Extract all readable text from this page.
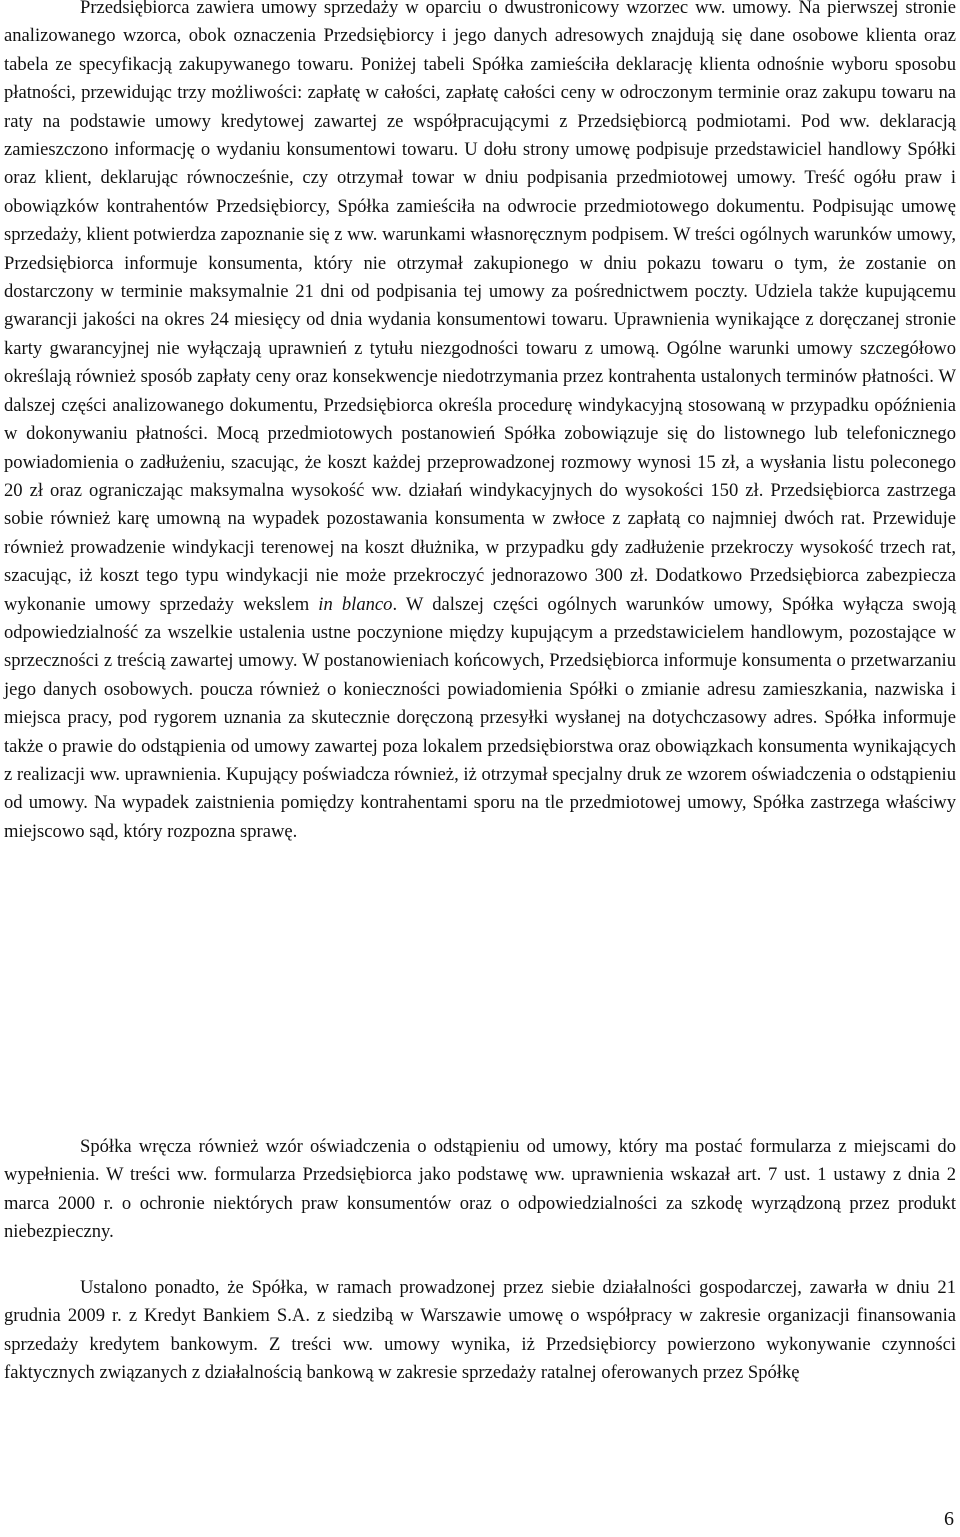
Przedsiębiorca zawiera umowy sprzedaży w oparciu o dwustronicowy wzorzec ww. umowy. Na pierwszej stronie analizowanego wzorca, obok oznaczenia Przedsiębiorcy i jego danych adresowych znajdują się dane osobowe klienta oraz tabela ze specyfikacją zakupywanego towaru. Poniżej tabeli Spółka zamieściła deklarację klienta odnośnie wyboru sposobu płatności, przewidując trzy możliwości: zapłatę w całości, zapłatę całości ceny w odroczonym terminie oraz zakupu towaru na raty na podstawie umowy kredytowej zawartej ze współpracującymi z Przedsiębiorcą podmiotami. Pod ww. deklaracją zamieszczono informację o wydaniu konsumentowi towaru. U dołu strony umowę podpisuje przedstawiciel handlowy Spółki oraz klient, deklarując równocześnie, czy otrzymał towar w dniu podpisania przedmiotowej umowy. Treść ogółu praw i obowiązków kontrahentów Przedsiębiorcy, Spółka zamieściła na odwrocie przedmiotowego dokumentu. Podpisując umowę sprzedaży, klient potwierdza zapoznanie się z ww. warunkami własnoręcznym podpisem. W treści ogólnych warunków umowy, Przedsiębiorca informuje konsumenta, który nie otrzymał zakupionego w dniu pokazu towaru o tym, że zostanie on dostarczony w terminie maksymalnie 21 dni od podpisania tej umowy za pośrednictwem poczty. Udziela także kupującemu gwarancji jakości na okres 24 miesięcy od dnia wydania konsumentowi towaru. Uprawnienia wynikające z doręczanej stronie karty gwarancyjnej nie wyłączają uprawnień z tytułu niezgodności towaru z umową. Ogólne warunki umowy szczegółowo określają również sposób zapłaty ceny oraz konsekwencje niedotrzymania przez kontrahenta ustalonych terminów płatności. W dalszej części analizowanego dokumentu, Przedsiębiorca określa procedurę windykacyjną stosowaną w przypadku opóźnienia w dokonywaniu płatności. Mocą przedmiotowych postanowień Spółka zobowiązuje się do listownego lub telefonicznego powiadomienia o zadłużeniu, szacując, że koszt każdej przeprowadzonej rozmowy wynosi 15 zł, a wysłania listu poleconego 20 zł oraz ograniczając maksymalna wysokość ww. działań windykacyjnych do wysokości 150 zł. Przedsiębiorca zastrzega sobie również karę umowną na wypadek pozostawania konsumenta w zwłoce z zapłatą co najmniej dwóch rat. Przewiduje również prowadzenie windykacji terenowej na koszt dłużnika, w przypadku gdy zadłużenie przekroczy wysokość trzech rat, szacując, iż koszt tego typu windykacji nie może przekroczyć jednorazowo 300 zł. Dodatkowo Przedsiębiorca zabezpiecza wykonanie umowy sprzedaży wekslem in blanco. W dalszej części ogólnych warunków umowy, Spółka wyłącza swoją odpowiedzialność za wszelkie ustalenia ustne poczynione między kupującym a przedstawicielem handlowym, pozostające w sprzeczności z treścią zawartej umowy. W postanowieniach końcowych, Przedsiębiorca informuje konsumenta o przetwarzaniu jego danych osobowych. poucza również o konieczności powiadomienia Spółki o zmianie adresu zamieszkania, nazwiska i miejsca pracy, pod rygorem uznania za skutecznie doręczoną przesyłki wysłanej na dotychczasowy adres. Spółka informuje także o prawie do odstąpienia od umowy zawartej poza lokalem przedsiębiorstwa oraz obowiązkach konsumenta wynikających z realizacji ww. uprawnienia. Kupujący poświadcza również, iż otrzymał specjalny druk ze wzorem oświadczenia o odstąpieniu od umowy. Na wypadek zaistnienia pomiędzy kontrahentami sporu na tle przedmiotowej umowy, Spółka zastrzega właściwy miejscowo sąd, który rozpozna sprawę.

Spółka wręcza również wzór oświadczenia o odstąpieniu od umowy, który ma postać formularza z miejscami do wypełnienia. W treści ww. formularza Przedsiębiorca jako podstawę ww. uprawnienia wskazał art. 7 ust. 1 ustawy z dnia 2 marca 2000 r. o ochronie niektórych praw konsumentów oraz o odpowiedzialności za szkodę wyrządzoną przez produkt niebezpieczny.

Ustalono ponadto, że Spółka, w ramach prowadzonej przez siebie działalności gospodarczej, zawarła w dniu 21 grudnia 2009 r. z Kredyt Bankiem S.A. z siedzibą w Warszawie umowę o współpracy w zakresie organizacji finansowania sprzedaży kredytem bankowym. Z treści ww. umowy wynika, iż Przedsiębiorcy powierzono wykonywanie czynności faktycznych związanych z działalnością bankową w zakresie sprzedaży ratalnej oferowanych przez Spółkę

6
